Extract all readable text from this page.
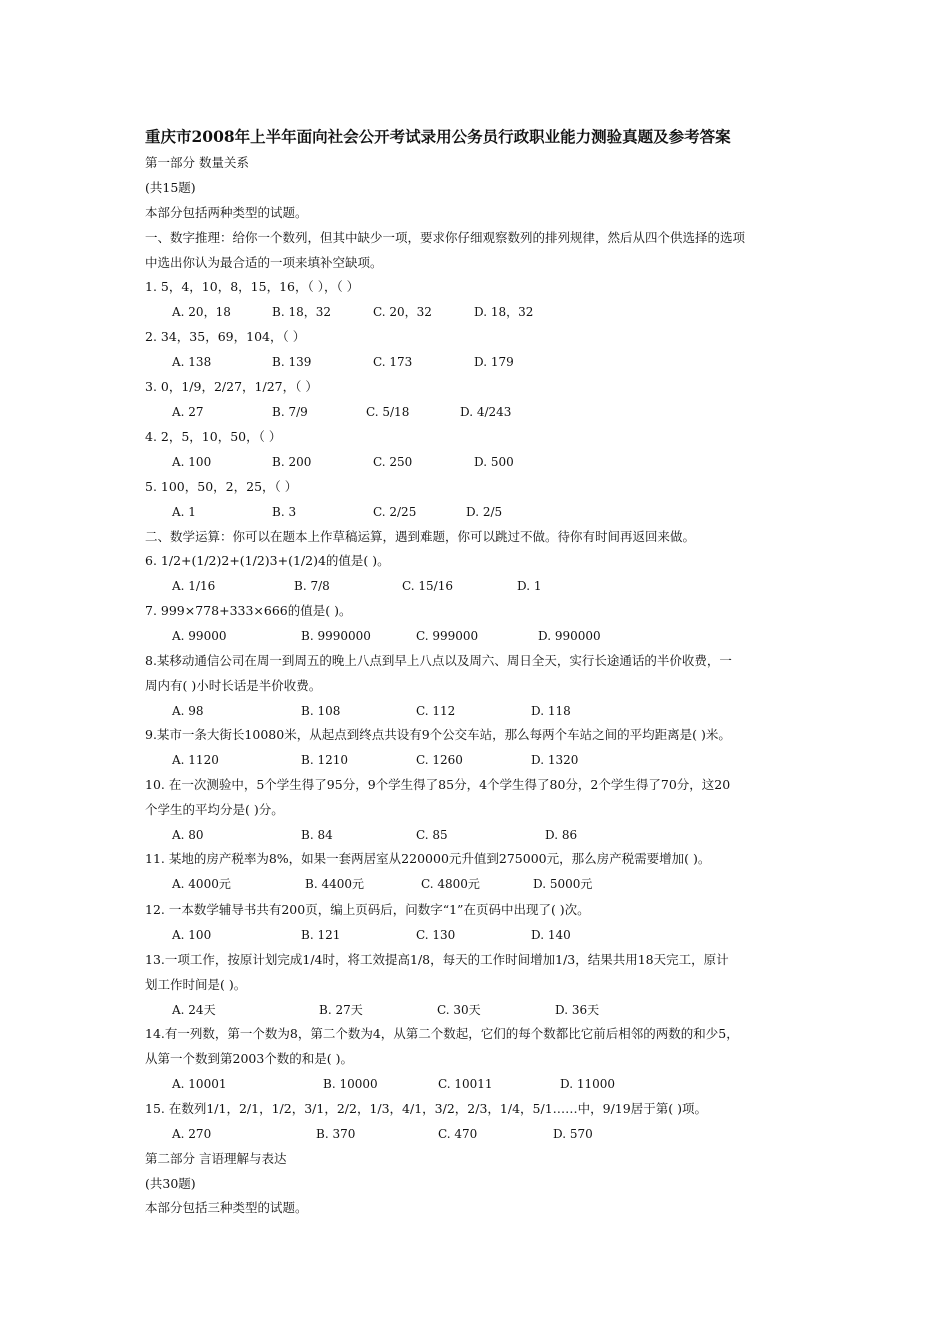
重庆市2008年上半年面向社会公开考试录用公务员行政职业能力测验真题及参考答案
第一部分 数量关系
(共15题)
本部分包括两种类型的试题。
一、数字推理：给你一个数列，但其中缺少一项，要求你仔细观察数列的排列规律，然后从四个供选择的选项
中选出你认为最合适的一项来填补空缺项。
1. 5，4，10，8，15，16，（ ），（ ）
A. 20，18	B. 18，32	C. 20，32	D. 18，32
2. 34，35，69，104，（ ）
A. 138	B. 139	C. 173	D. 179
3. 0，1/9，2/27，1/27，（ ）
A. 27	B. 7/9	C. 5/18	D. 4/243
4. 2，5，10，50，（ ）
A. 100	B. 200	C. 250	D. 500
5. 100，50，2，25，（ ）
A. 1	B. 3	C. 2/25	D. 2/5
二、数学运算：你可以在题本上作草稿运算，遇到难题，你可以跳过不做。待你有时间再返回来做。
6. 1/2+(1/2)2+(1/2)3+(1/2)4的值是( )。
A. 1/16	B. 7/8	C. 15/16	D. 1
7. 999×778+333×666的值是( )。
A. 99000	B. 9990000	C. 999000	D. 990000
8.某移动通信公司在周一到周五的晚上八点到早上八点以及周六、周日全天，实行长途通话的半价收费，一
周内有( )小时长话是半价收费。
A. 98	B. 108	C. 112	D. 118
9.某市一条大街长10080米，从起点到终点共设有9个公交车站，那么每两个车站之间的平均距离是( )米。
A. 1120	B. 1210	C. 1260	D. 1320
10. 在一次测验中，5个学生得了95分，9个学生得了85分，4个学生得了80分，2个学生得了70分，这20
个学生的平均分是( )分。
A. 80	B. 84	C. 85	D. 86
11. 某地的房产税率为8%，如果一套两居室从220000元升值到275000元，那么房产税需要增加( )。
A. 4000元	B. 4400元	C. 4800元	D. 5000元
12. 一本数学辅导书共有200页，编上页码后，问数字“1”在页码中出现了( )次。
A. 100	B. 121	C. 130	D. 140
13.一项工作，按原计划完成1/4时，将工效提高1/8，每天的工作时间增加1/3，结果共用18天完工，原计
划工作时间是( )。
A. 24天	B. 27天	C. 30天	D. 36天
14.有一列数，第一个数为8，第二个数为4，从第二个数起，它们的每个数都比它前后相邻的两数的和少5，
从第一个数到第2003个数的和是( )。
A. 10001	B. 10000	C. 10011	D. 11000
15. 在数列1/1，2/1，1/2，3/1，2/2，1/3，4/1，3/2，2/3，1/4，5/1……中，9/19居于第( )项。
A. 270	B. 370	C. 470	D. 570
第二部分 言语理解与表达
(共30题)
本部分包括三种类型的试题。
